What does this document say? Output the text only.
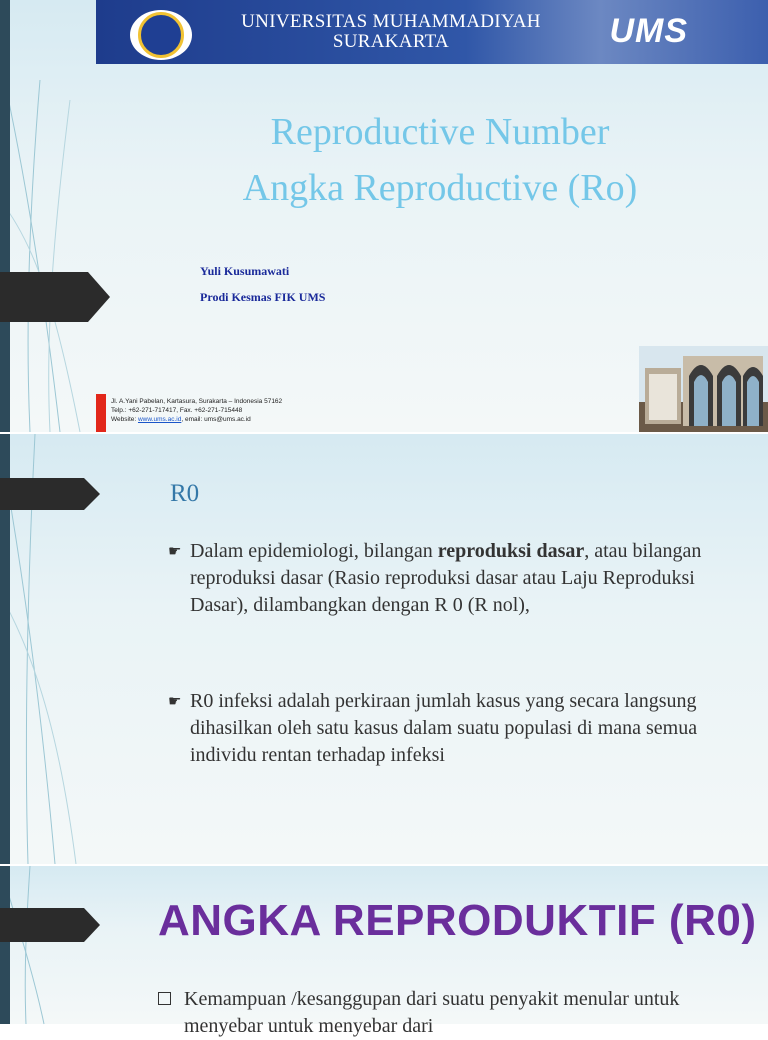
UNIVERSITAS MUHAMMADIYAH
SURAKARTA	UMS
Reproductive Number
Angka Reproductive (Ro)
Yuli Kusumawati
Prodi Kesmas FIK UMS
Jl. A.Yani Pabelan, Kartasura, Surakarta – Indonesia 57162
Telp.: +62-271-717417, Fax. +62-271-715448
Website: www.ums.ac.id, email: ums@ums.ac.id
R0
☛ Dalam epidemiologi, bilangan reproduksi dasar, atau bilangan reproduksi dasar (Rasio reproduksi dasar atau Laju Reproduksi Dasar), dilambangkan dengan R 0 (R nol),
☛ R0 infeksi adalah perkiraan jumlah kasus yang secara langsung dihasilkan oleh satu kasus dalam suatu populasi di mana semua individu rentan terhadap infeksi
ANGKA REPRODUKTIF (R0)
Kemampuan /kesanggupan dari suatu penyakit menular untuk menyebar untuk menyebar dari
